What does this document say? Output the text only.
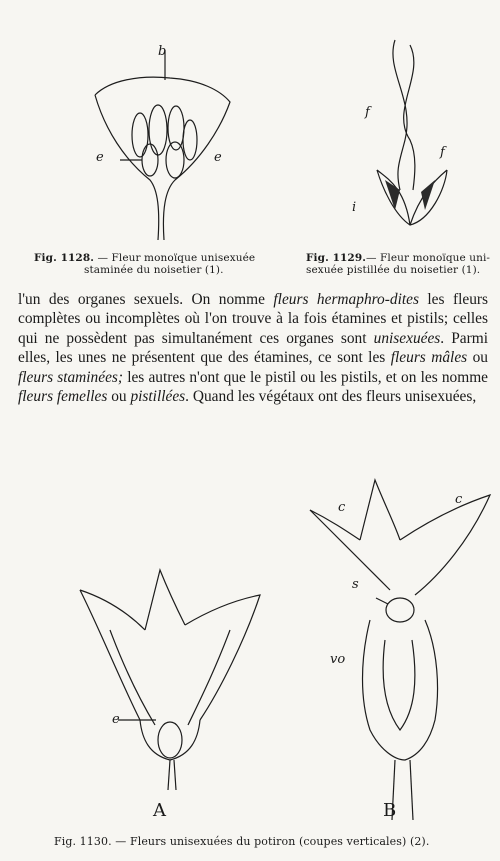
b
e	e
f
f
i
Fig. 1128. — Fleur monoïque unisexuée
staminée du noisetier (1).
Fig. 1129.— Fleur monoïque uni-
sexuée pistillée du noisetier (1).

l'un des organes sexuels. On nomme fleurs hermaphro-dites les fleurs complètes ou incomplètes où l'on trouve à la fois étamines et pistils; celles qui ne possèdent pas simultanément ces organes sont unisexuées. Parmi elles, les unes ne présentent que des étamines, ce sont les fleurs mâles ou fleurs staminées; les autres n'ont que le pistil ou les pistils, et on les nomme fleurs femelles ou pistillées. Quand les végétaux ont des fleurs unisexuées,

e
A
c
c
s
vo
B
Fig. 1130. — Fleurs unisexuées du potiron (coupes verticales) (2).
